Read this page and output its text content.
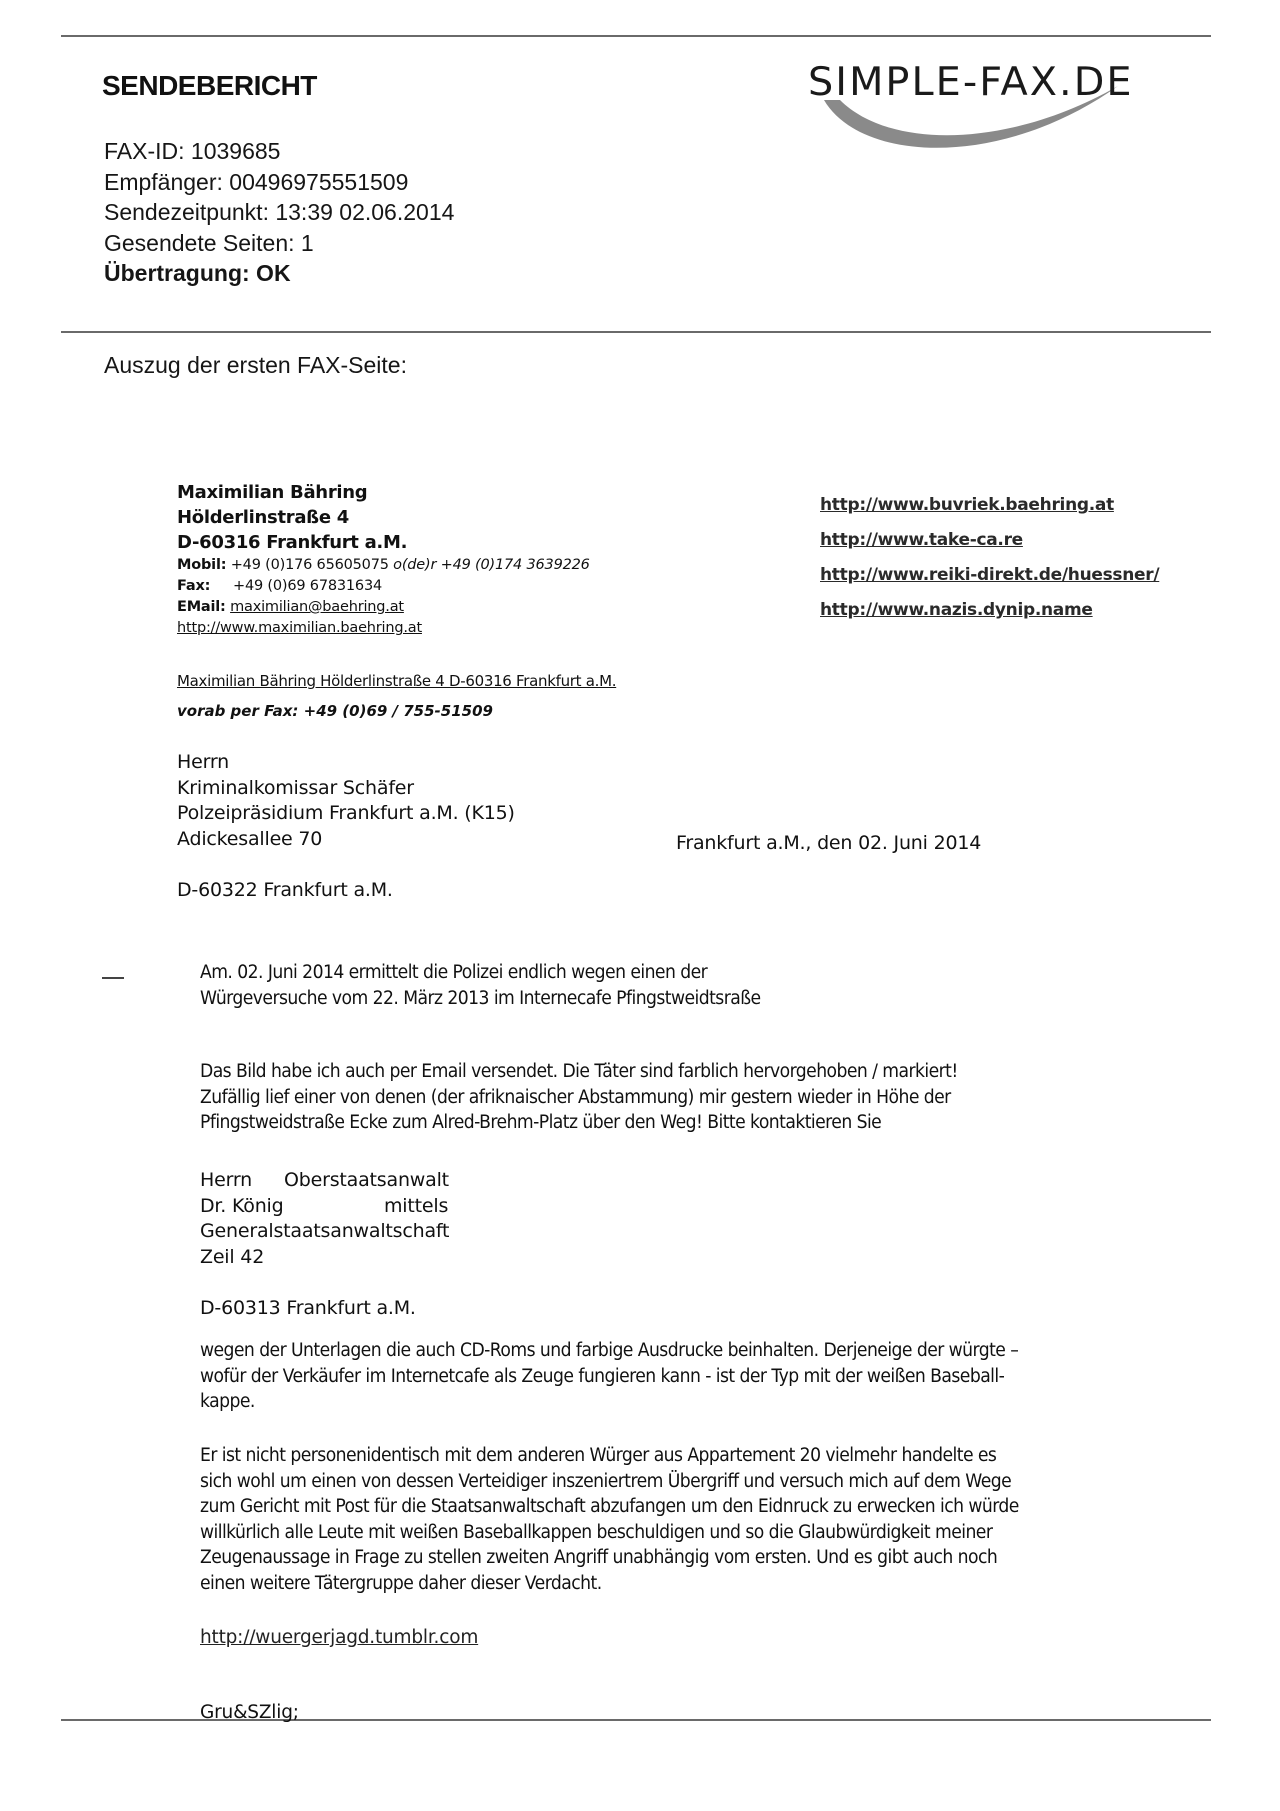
SENDEBERICHT
FAX-ID: 1039685
Empfänger: 00496975551509
Sendezeitpunkt: 13:39 02.06.2014
Gesendete Seiten: 1
Übertragung: OK
SIMPLE-FAX.DE
Auszug der ersten FAX-Seite:
Maximilian Bähring
Hölderlinstraße 4
D-60316 Frankfurt a.M.
Mobil: +49 (0)176 65605075 o(de)r +49 (0)174 3639226
Fax: +49 (0)69 67831634
EMail: maximilian@baehring.at
http://www.maximilian.baehring.at
http://www.buvriek.baehring.at
http://www.take-ca.re
http://www.reiki-direkt.de/huessner/
http://www.nazis.dynip.name
Maximilian Bähring Hölderlinstraße 4 D-60316 Frankfurt a.M.
vorab per Fax: +49 (0)69 / 755-51509
Herrn
Kriminalkomissar Schäfer
Polzeipräsidium Frankfurt a.M. (K15)
Adickesallee 70
D-60322 Frankfurt a.M.
Frankfurt a.M., den 02. Juni 2014
Am. 02. Juni 2014 ermittelt die Polizei endlich wegen einen der
Würgeversuche vom 22. März 2013 im Internecafe Pfingstweidtsraße
Das Bild habe ich auch per Email versendet. Die Täter sind farblich hervorgehoben / markiert!
Zufällig lief einer von denen (der afriknaischer Abstammung) mir gestern wieder in Höhe der
Pfingstweidstraße Ecke zum Alred-Brehm-Platz über den Weg! Bitte kontaktieren Sie
Herrn Oberstaatsanwalt
Dr. König	mittels
Generalstaatsanwaltschaft
Zeil 42
D-60313 Frankfurt a.M.
wegen der Unterlagen die auch CD-Roms und farbige Ausdrucke beinhalten. Derjeneige der würgte –
wofür der Verkäufer im Internetcafe als Zeuge fungieren kann - ist der Typ mit der weißen Baseball-
kappe.
Er ist nicht personenidentisch mit dem anderen Würger aus Appartement 20 vielmehr handelte es
sich wohl um einen von dessen Verteidiger inszeniertrem Übergriff und versuch mich auf dem Wege
zum Gericht mit Post für die Staatsanwaltschaft abzufangen um den Eidnruck zu erwecken ich würde
willkürlich alle Leute mit weißen Baseballkappen beschuldigen und so die Glaubwürdigkeit meiner
Zeugenaussage in Frage zu stellen zweiten Angriff unabhängig vom ersten. Und es gibt auch noch
einen weitere Tätergruppe daher dieser Verdacht.
http://wuergerjagd.tumblr.com
Gru&SZlig;
